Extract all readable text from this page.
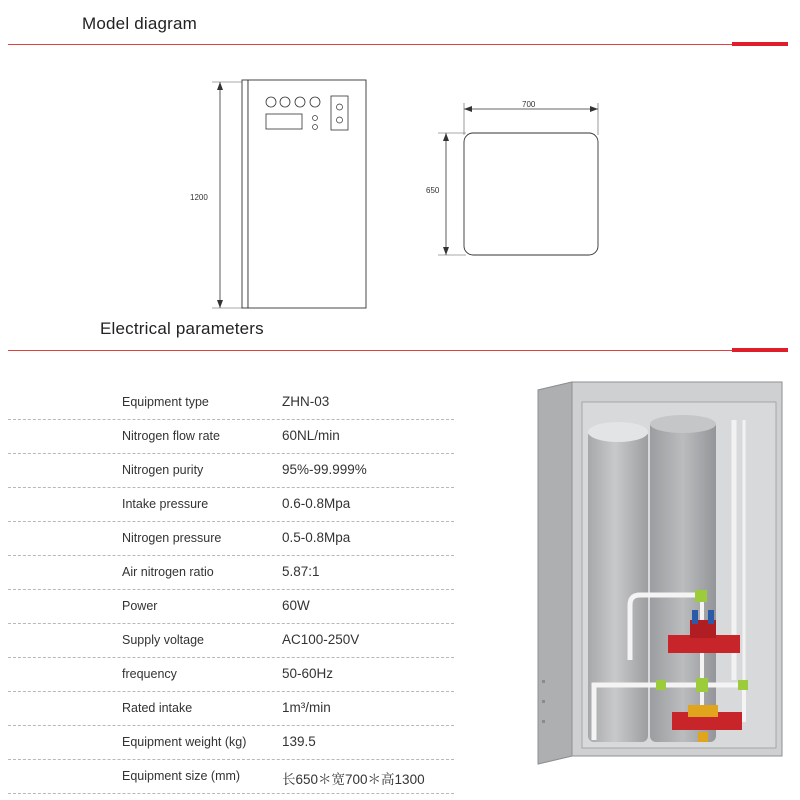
Model diagram
1200
700
650
Electrical parameters
Equipment type	ZHN-03
Nitrogen flow rate	60NL/min
Nitrogen purity	95%-99.999%
Intake pressure	0.6-0.8Mpa
Nitrogen pressure	0.5-0.8Mpa
Air nitrogen ratio	5.87:1
Power	60W
Supply voltage	AC100-250V
frequency	50-60Hz
Rated intake	1m³/min
Equipment weight (kg)	139.5
Equipment size (mm)	长650＊宽700＊高1300
